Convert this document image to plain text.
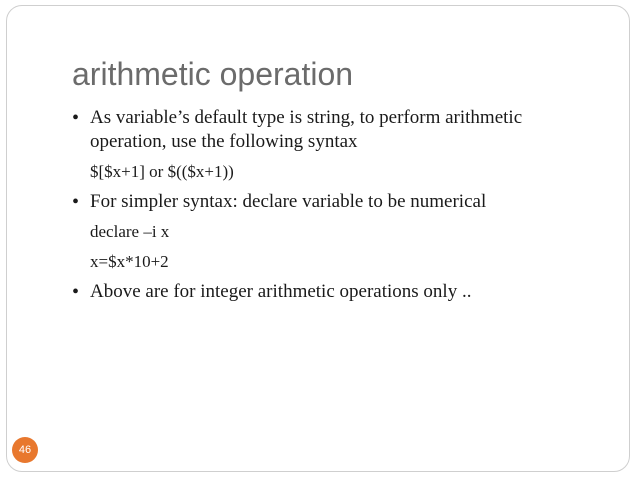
arithmetic operation
• As variable’s default type is string, to perform arithmetic operation, use the following syntax
$[$x+1] or $(($x+1))
• For simpler syntax: declare variable to be numerical
declare –i x
x=$x*10+2
• Above are for integer arithmetic operations only ..
46
